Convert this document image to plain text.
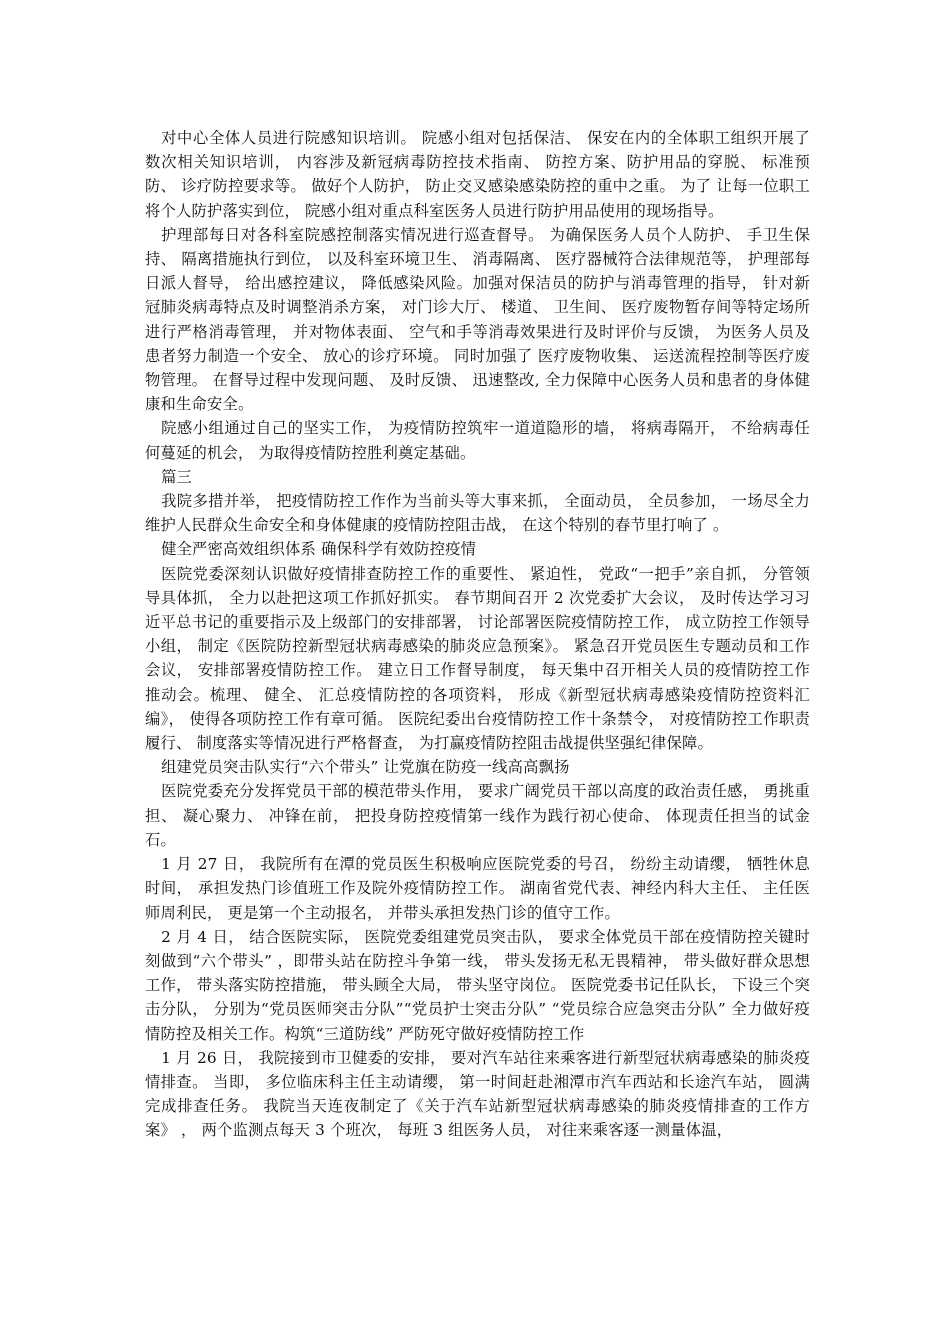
对中心全体人员进行院感知识培训。 院感小组对包括保洁、 保安在内的全体职工组织开展了 数次相关知识培训， 内容涉及新冠病毒防控技术指南、 防控方案、防护用品的穿脱、 标准预防、 诊疗防控要求等。 做好个人防护， 防止交叉感染感染防控的重中之重。 为了 让每一位职工将个人防护落实到位， 院感小组对重点科室医务人员进行防护用品使用的现场指导。

护理部每日对各科室院感控制落实情况进行巡查督导。 为确保医务人员个人防护、 手卫生保持、 隔离措施执行到位， 以及科室环境卫生、 消毒隔离、 医疗器械符合法律规范等， 护理部每日派人督导， 给出感控建议， 降低感染风险。加强对保洁员的防护与消毒管理的指导， 针对新冠肺炎病毒特点及时调整消杀方案， 对门诊大厅、 楼道、 卫生间、 医疗废物暂存间等特定场所进行严格消毒管理， 并对物体表面、 空气和手等消毒效果进行及时评价与反馈， 为医务人员及患者努力制造一个安全、 放心的诊疗环境。 同时加强了 医疗废物收集、 运送流程控制等医疗废物管理。 在督导过程中发现问题、 及时反馈、 迅速整改, 全力保障中心医务人员和患者的身体健康和生命安全。

院感小组通过自己的坚实工作， 为疫情防控筑牢一道道隐形的墙， 将病毒隔开， 不给病毒任何蔓延的机会， 为取得疫情防控胜利奠定基础。

篇三

我院多措并举， 把疫情防控工作作为当前头等大事来抓， 全面动员， 全员参加， 一场尽全力维护人民群众生命安全和身体健康的疫情防控阻击战， 在这个特别的春节里打响了 。

健全严密高效组织体系 确保科学有效防控疫情

医院党委深刻认识做好疫情排查防控工作的重要性、 紧迫性， 党政“一把手”亲自抓， 分管领导具体抓， 全力以赴把这项工作抓好抓实。 春节期间召开 2 次党委扩大会议， 及时传达学习习近平总书记的重要指示及上级部门的安排部署， 讨论部署医院疫情防控工作， 成立防控工作领导小组， 制定《医院防控新型冠状病毒感染的肺炎应急预案》。 紧急召开党员医生专题动员和工作会议， 安排部署疫情防控工作。 建立日工作督导制度， 每天集中召开相关人员的疫情防控工作推动会。梳理、 健全、 汇总疫情防控的各项资料， 形成《新型冠状病毒感染疫情防控资料汇编》， 使得各项防控工作有章可循。 医院纪委出台疫情防控工作十条禁令， 对疫情防控工作职责履行、 制度落实等情况进行严格督查， 为打赢疫情防控阻击战提供坚强纪律保障。

组建党员突击队实行“六个带头” 让党旗在防疫一线高高飘扬

医院党委充分发挥党员干部的模范带头作用， 要求广阔党员干部以高度的政治责任感， 勇挑重担、 凝心聚力、 冲锋在前， 把投身防控疫情第一线作为践行初心使命、 体现责任担当的试金石。

1 月 27 日， 我院所有在潭的党员医生积极响应医院党委的号召， 纷纷主动请缨， 牺牲休息时间， 承担发热门诊值班工作及院外疫情防控工作。 湖南省党代表、神经内科大主任、 主任医师周利民， 更是第一个主动报名， 并带头承担发热门诊的值守工作。

2 月 4 日， 结合医院实际， 医院党委组建党员突击队， 要求全体党员干部在疫情防控关键时刻做到“六个带头” ，即带头站在防控斗争第一线， 带头发扬无私无畏精神， 带头做好群众思想工作， 带头落实防控措施， 带头顾全大局， 带头坚守岗位。 医院党委书记任队长， 下设三个突击分队， 分别为“党员医师突击分队”“党员护士突击分队” “党员综合应急突击分队” 全力做好疫情防控及相关工作。构筑“三道防线” 严防死守做好疫情防控工作

1 月 26 日， 我院接到市卫健委的安排， 要对汽车站往来乘客进行新型冠状病毒感染的肺炎疫情排查。 当即， 多位临床科主任主动请缨， 第一时间赶赴湘潭市汽车西站和长途汽车站， 圆满完成排查任务。 我院当天连夜制定了《关于汽车站新型冠状病毒感染的肺炎疫情排查的工作方案》 ， 两个监测点每天 3 个班次， 每班 3 组医务人员， 对往来乘客逐一测量体温，
